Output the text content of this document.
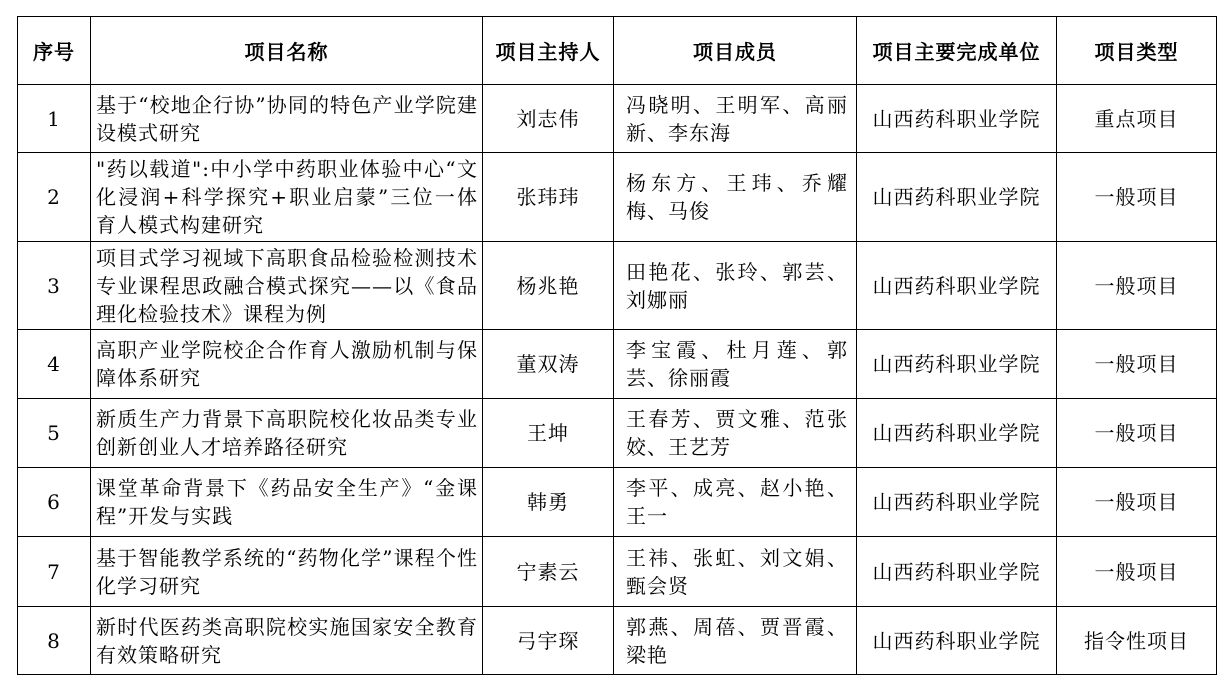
序号	项目名称	项目主持人	项目成员	项目主要完成单位	项目类型
1	基于“校地企行协”协同的特色产业学院建设模式研究	刘志伟	冯晓明、王明军、高丽新、李东海	山西药科职业学院	重点项目
2	"药以载道":中小学中药职业体验中心“文化浸润+科学探究+职业启蒙”三位一体育人模式构建研究	张玮玮	杨东方、王玮、乔耀梅、马俊	山西药科职业学院	一般项目
3	项目式学习视域下高职食品检验检测技术专业课程思政融合模式探究——以《食品理化检验技术》课程为例	杨兆艳	田艳花、张玲、郭芸、刘娜丽	山西药科职业学院	一般项目
4	高职产业学院校企合作育人激励机制与保障体系研究	董双涛	李宝霞、杜月莲、郭芸、徐丽霞	山西药科职业学院	一般项目
5	新质生产力背景下高职院校化妆品类专业创新创业人才培养路径研究	王坤	王春芳、贾文雅、范张姣、王艺芳	山西药科职业学院	一般项目
6	课堂革命背景下《药品安全生产》“金课程”开发与实践	韩勇	李平、成亮、赵小艳、王一	山西药科职业学院	一般项目
7	基于智能教学系统的“药物化学”课程个性化学习研究	宁素云	王祎、张虹、刘文娟、甄会贤	山西药科职业学院	一般项目
8	新时代医药类高职院校实施国家安全教育有效策略研究	弓宇琛	郭燕、周蓓、贾晋霞、梁艳	山西药科职业学院	指令性项目
